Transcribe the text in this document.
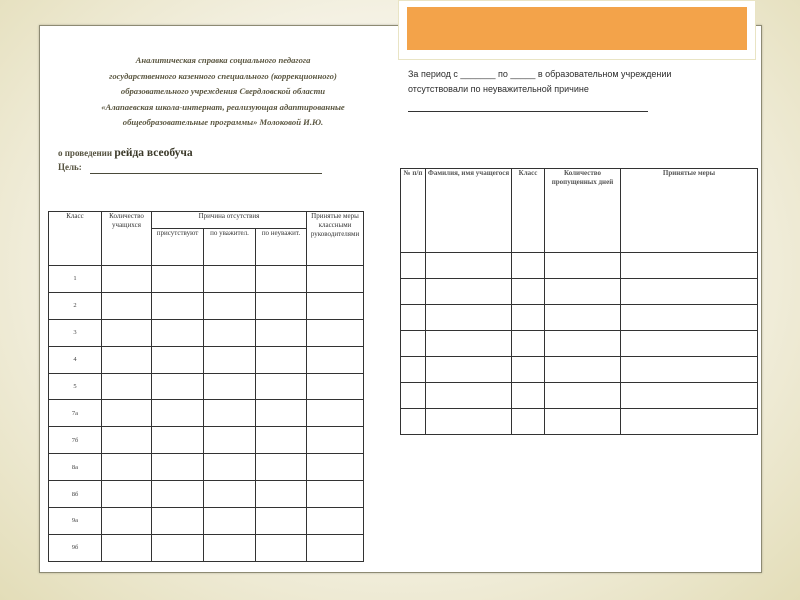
Аналитическая справка социального педагога
государственного казенного специального (коррекционного)
образовательного учреждения Свердловской области
«Алапаевская школа-интернат, реализующая адаптированные
общеобразовательные программы» Молоковой И.Ю.
о проведении рейда всеобуча
Цель:
За период с _______ по _____ в образовательном учреждении
отсутствовали по неуважительной причине
Класс	Количество учащихся	Причина отсутствия			Принятые меры классными руководителями
		присутствуют	по уважител.	по неуважит.	
1					
2					
3					
4					
5					
7а					
7б					
8а					
8б					
9а					
9б					
№ п/п	Фамилия, имя учащегося	Класс	Количество пропущенных дней	Принятые меры
